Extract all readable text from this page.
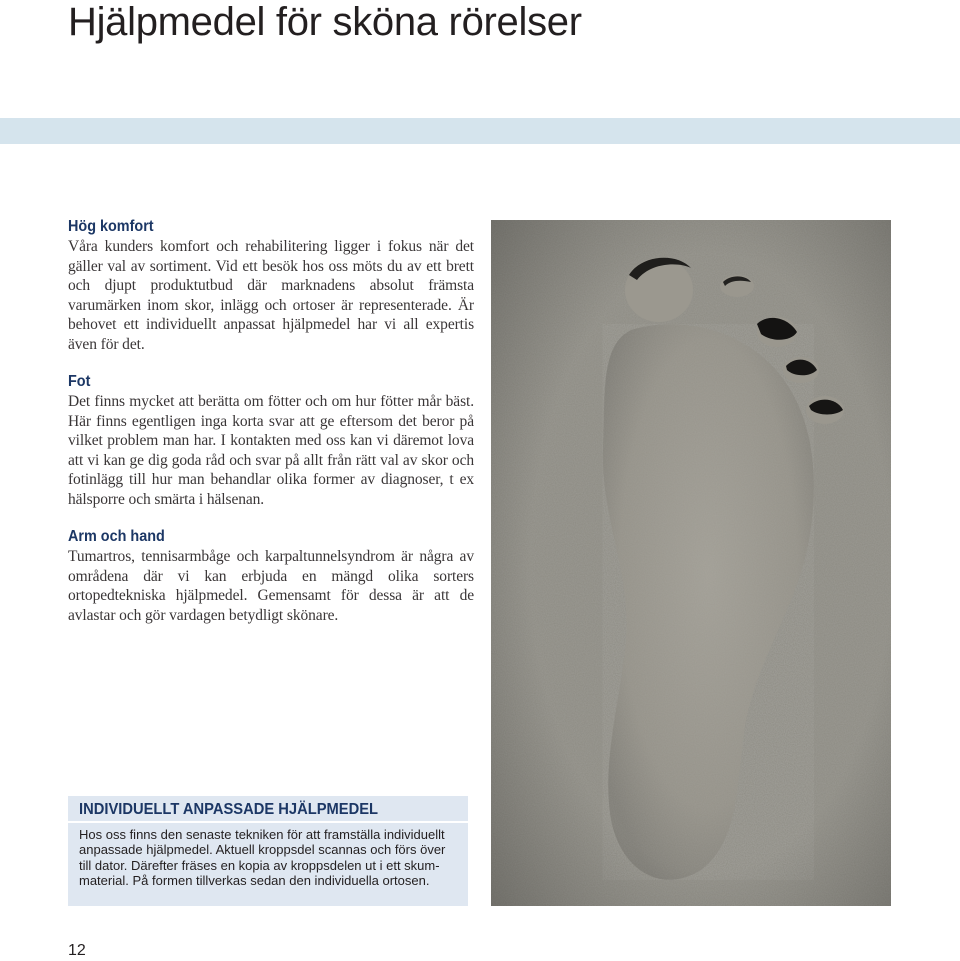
Hjälpmedel för sköna rörelser
Hög komfort

Våra kunders komfort och rehabilitering ligger i fokus när det gäller val av sortiment. Vid ett besök hos oss möts du av ett brett och djupt produktutbud där marknadens absolut främsta varumärken inom skor, inlägg och ortoser är representerade. Är behovet ett individuellt anpassat hjälpmedel har vi all expertis även för det.

Fot

Det finns mycket att berätta om fötter och om hur fötter mår bäst. Här finns egentligen inga korta svar att ge eftersom det beror på vilket problem man har. I kontakten med oss kan vi däremot lova att vi kan ge dig goda råd och svar på allt från rätt val av skor och fotinlägg till hur man behandlar olika former av diagnoser, t ex hälsporre och smärta i hälsenan.

Arm och hand

Tumartros, tennisarmbåge och karpaltunnelsyndrom är några av områdena där vi kan erbjuda en mängd olika sorters ortopedtekniska hjälpmedel. Gemensamt för dessa är att de avlastar och gör vardagen betydligt skönare.

INDIVIDUELLT ANPASSADE HJÄLPMEDEL

Hos oss finns den senaste tekniken för att framställa individuellt
anpassade hjälpmedel. Aktuell kroppsdel scannas och förs över
till dator. Därefter fräses en kopia av kroppsdelen ut i ett skum-
material. På formen tillverkas sedan den individuella ortosen.

12
